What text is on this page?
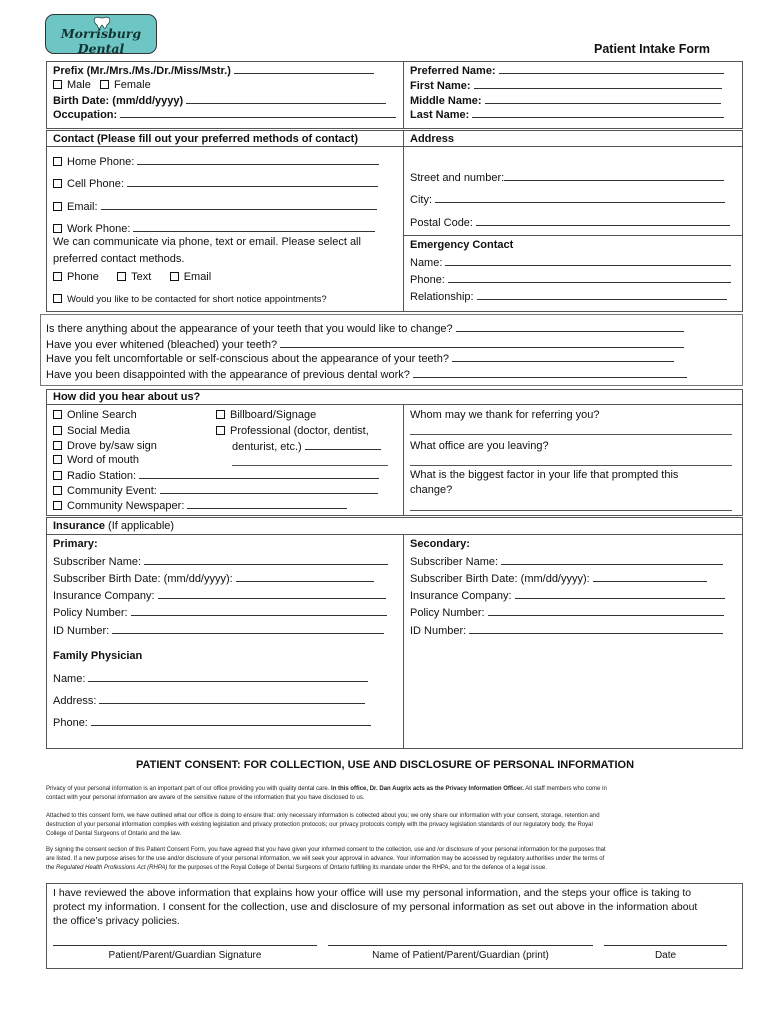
Morrisburg Dental	Patient Intake Form
Prefix (Mr./Mrs./Ms./Dr./Miss/Mstr.)
Male Female
Birth Date: (mm/dd/yyyy)
Occupation:
Preferred Name:
First Name:
Middle Name:
Last Name:
Contact (Please fill out your preferred methods of contact)	Address
Home Phone:
Cell Phone:
Email:
Work Phone:
We can communicate via phone, text or email. Please select all
preferred contact methods.
Phone	Text	Email
Would you like to be contacted for short notice appointments?
Street and number:
City:
Postal Code:
Emergency Contact
Name:
Phone:
Relationship:
Is there anything about the appearance of your teeth that you would like to change?
Have you ever whitened (bleached) your teeth?
Have you felt uncomfortable or self-conscious about the appearance of your teeth?
Have you been disappointed with the appearance of previous dental work?
How did you hear about us?
Online Search
Social Media
Drove by/saw sign
Word of mouth
Radio Station:
Community Event:
Community Newspaper:
Billboard/Signage
Professional (doctor, dentist,
denturist, etc.)
Whom may we thank for referring you?
What office are you leaving?
What is the biggest factor in your life that prompted this
change?
Insurance (If applicable)
Primary:
Subscriber Name:
Subscriber Birth Date: (mm/dd/yyyy):
Insurance Company:
Policy Number:
ID Number:
Secondary:
Subscriber Name:
Subscriber Birth Date: (mm/dd/yyyy):
Insurance Company:
Policy Number:
ID Number:
Family Physician
Name:
Address:
Phone:
PATIENT CONSENT: FOR COLLECTION, USE AND DISCLOSURE OF PERSONAL INFORMATION
Privacy of your personal information is an important part of our office providing you with quality dental care. In this office, Dr. Dan Augrix acts as the Privacy Information Officer. All staff members who come in
contact with your personal information are aware of the sensitive nature of the information that you have disclosed to us.
Attached to this consent form, we have outlined what our office is doing to ensure that: only necessary information is collected about you; we only share our information with your consent, storage, retention and
destruction of your personal information complies with existing legislation and privacy protection protocols; our privacy protocols comply with the privacy legislation standards of our regulatory body, the Royal
College of Dental Surgeons of Ontario and the law.
By signing the consent section of this Patient Consent Form, you have agreed that you have given your informed consent to the collection, use and /or disclosure of your personal information for the purposes that
are listed. If a new purpose arises for the use and/or disclosure of your personal information, we will seek your approval in advance. Your information may be accessed by regulatory authorities under the terms of
the Regulated Health Professions Act (RHPA) for the purposes of the Royal College of Dental Surgeons of Ontario fulfilling its mandate under the RHPA, and for the defence of a legal issue.
I have reviewed the above information that explains how your office will use my personal information, and the steps your office is taking to
protect my information. I consent for the collection, use and disclosure of my personal information as set out above in the information about
the office’s privacy policies.
Patient/Parent/Guardian Signature	Name of Patient/Parent/Guardian (print)	Date
